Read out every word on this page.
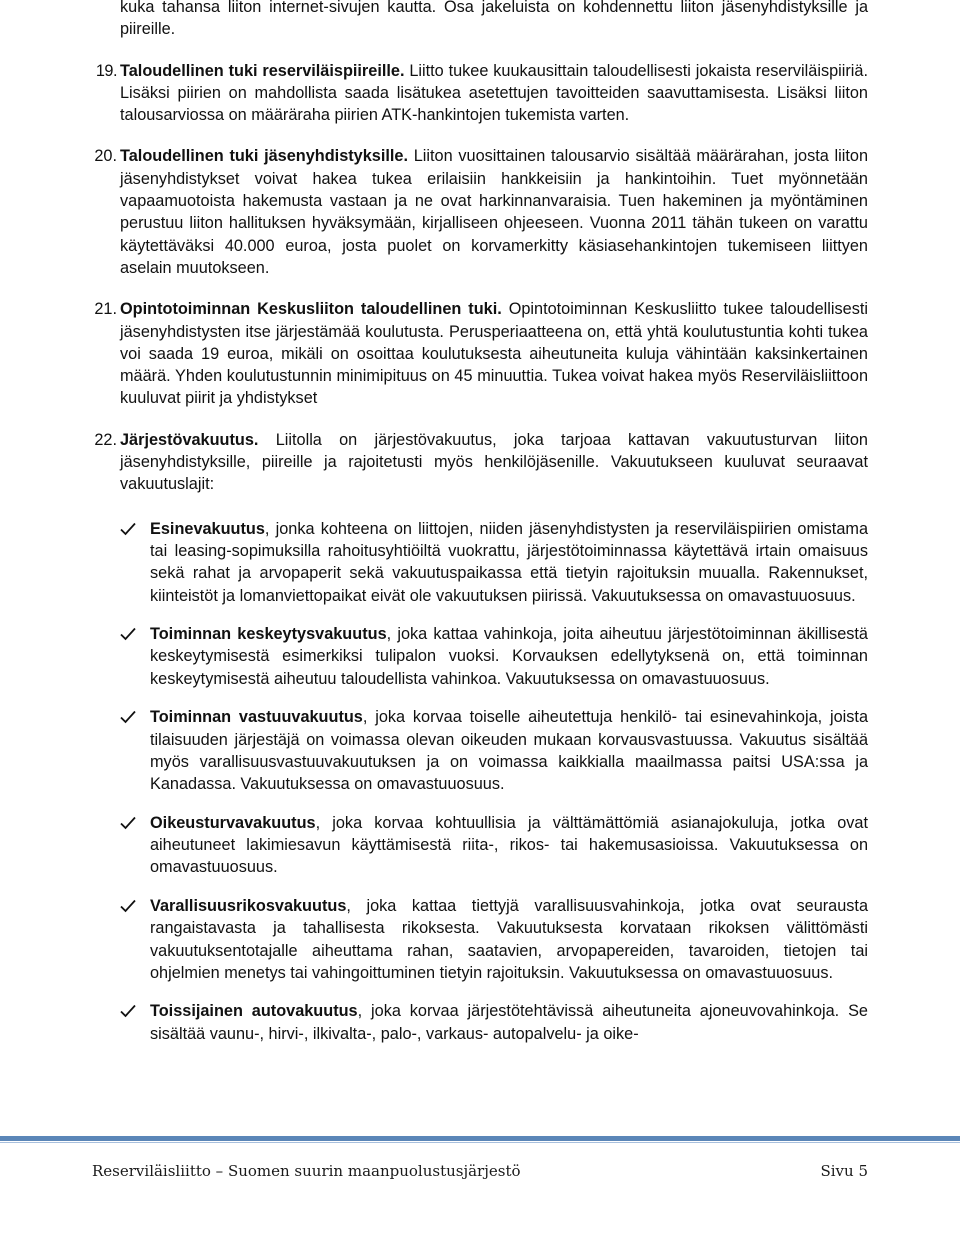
kuka tahansa liiton internet-sivujen kautta. Osa jakeluista on kohdennettu liiton jäsenyhdistyksille ja piireille.

19. Taloudellinen tuki reserviläispiireille. Liitto tukee kuukausittain taloudellisesti jokaista reserviläispiiriä. Lisäksi piirien on mahdollista saada lisätukea asetettujen tavoitteiden saavuttamisesta. Lisäksi liiton talousarviossa on määräraha piirien ATK-hankintojen tukemista varten.

20. Taloudellinen tuki jäsenyhdistyksille. Liiton vuosittainen talousarvio sisältää määrärahan, josta liiton jäsenyhdistykset voivat hakea tukea erilaisiin hankkeisiin ja hankintoihin. Tuet myönnetään vapaamuotoista hakemusta vastaan ja ne ovat harkinnanvaraisia. Tuen hakeminen ja myöntäminen perustuu liiton hallituksen hyväksymään, kirjalliseen ohjeeseen. Vuonna 2011 tähän tukeen on varattu käytettäväksi 40.000 euroa, josta puolet on korvamerkitty käsiasehankintojen tukemiseen liittyen aselain muutokseen.

21. Opintotoiminnan Keskusliiton taloudellinen tuki. Opintotoiminnan Keskusliitto tukee taloudellisesti jäsenyhdistysten itse järjestämää koulutusta. Perusperiaatteena on, että yhtä koulutustuntia kohti tukea voi saada 19 euroa, mikäli on osoittaa koulutuksesta aiheutuneita kuluja vähintään kaksinkertainen määrä. Yhden koulutustunnin minimipituus on 45 minuuttia. Tukea voivat hakea myös Reserviläisliittoon kuuluvat piirit ja yhdistykset

22. Järjestövakuutus. Liitolla on järjestövakuutus, joka tarjoaa kattavan vakuutusturvan liiton jäsenyhdistyksille, piireille ja rajoitetusti myös henkilöjäsenille. Vakuutukseen kuuluvat seuraavat vakuutuslajit:

Esinevakuutus, jonka kohteena on liittojen, niiden jäsenyhdistysten ja reserviläispiirien omistama tai leasing-sopimuksilla rahoitusyhtiöiltä vuokrattu, järjestötoiminnassa käytettävä irtain omaisuus sekä rahat ja arvopaperit sekä vakuutuspaikassa että tietyin rajoituksin muualla. Rakennukset, kiinteistöt ja lomanviettopaikat eivät ole vakuutuksen piirissä. Vakuutuksessa on omavastuuosuus.

Toiminnan keskeytysvakuutus, joka kattaa vahinkoja, joita aiheutuu järjestötoiminnan äkillisestä keskeytymisestä esimerkiksi tulipalon vuoksi. Korvauksen edellytyksenä on, että toiminnan keskeytymisestä aiheutuu taloudellista vahinkoa. Vakuutuksessa on omavastuuosuus.

Toiminnan vastuuvakuutus, joka korvaa toiselle aiheutettuja henkilö- tai esinevahinkoja, joista tilaisuuden järjestäjä on voimassa olevan oikeuden mukaan korvausvastuussa. Vakuutus sisältää myös varallisuusvastuuvakuutuksen ja on voimassa kaikkialla maailmassa paitsi USA:ssa ja Kanadassa. Vakuutuksessa on omavastuuosuus.

Oikeusturvavakuutus, joka korvaa kohtuullisia ja välttämättömiä asianajokuluja, jotka ovat aiheutuneet lakimiesavun käyttämisestä riita-, rikos- tai hakemusasioissa. Vakuutuksessa on omavastuuosuus.

Varallisuusrikosvakuutus, joka kattaa tiettyjä varallisuusvahinkoja, jotka ovat seurausta rangaistavasta ja tahallisesta rikoksesta. Vakuutuksesta korvataan rikoksen välittömästi vakuutuksentotajalle aiheuttama rahan, saatavien, arvopapereiden, tavaroiden, tietojen tai ohjelmien menetys tai vahingoittuminen tietyin rajoituksin. Vakuutuksessa on omavastuuosuus.

Toissijainen autovakuutus, joka korvaa järjestötehtävissä aiheutuneita ajoneuvovahinkoja. Se sisältää vaunu-, hirvi-, ilkivalta-, palo-, varkaus- autopalvelu- ja oike-

Reserviläisliitto – Suomen suurin maanpuolustusjärjestö	Sivu 5
